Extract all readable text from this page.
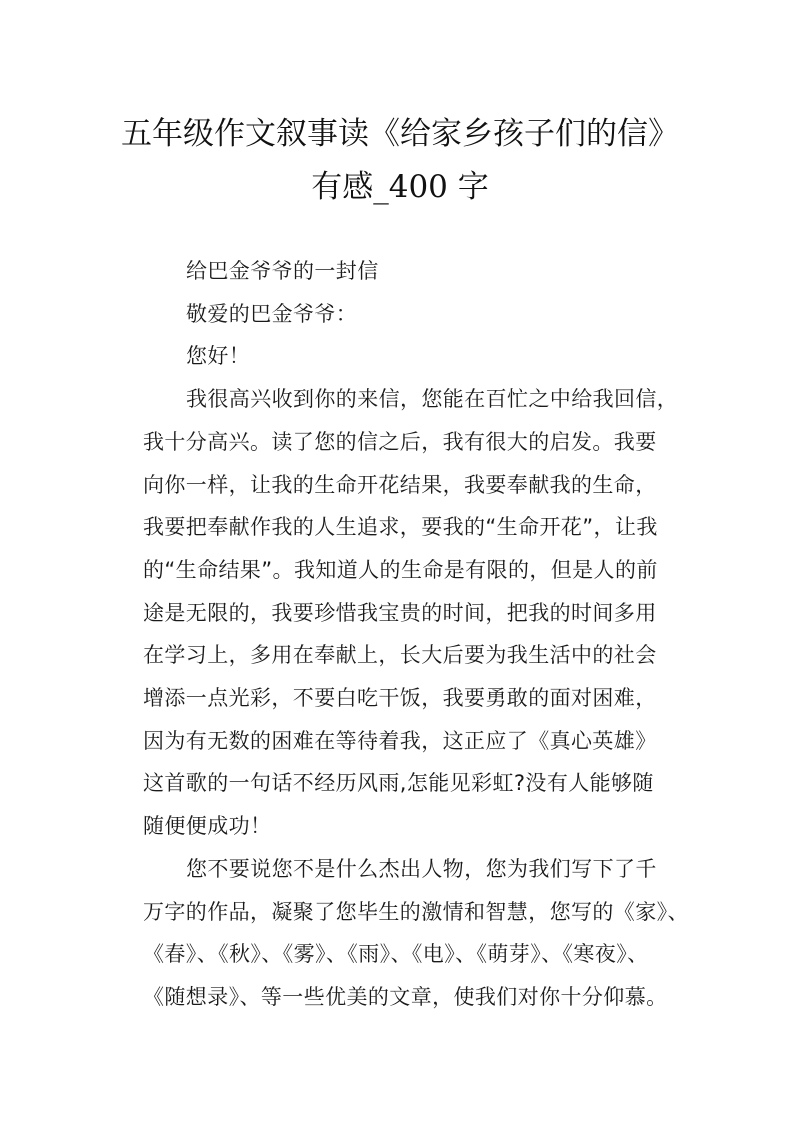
五年级作文叙事读《给家乡孩子们的信》
有感_400 字
给巴金爷爷的一封信
敬爱的巴金爷爷：
您好！
我很高兴收到你的来信，您能在百忙之中给我回信，
我十分高兴。读了您的信之后，我有很大的启发。我要
向你一样，让我的生命开花结果，我要奉献我的生命，
我要把奉献作我的人生追求，要我的“生命开花”，让我
的“生命结果”。我知道人的生命是有限的，但是人的前
途是无限的，我要珍惜我宝贵的时间，把我的时间多用
在学习上，多用在奉献上，长大后要为我生活中的社会
增添一点光彩，不要白吃干饭，我要勇敢的面对困难，
因为有无数的困难在等待着我，这正应了《真心英雄》
这首歌的一句话不经历风雨,怎能见彩虹?没有人能够随
随便便成功！
您不要说您不是什么杰出人物，您为我们写下了千
万字的作品，凝聚了您毕生的激情和智慧，您写的《家》、
《春》、《秋》、《雾》、《雨》、《电》、《萌芽》、《寒夜》、
《随想录》、等一些优美的文章，使我们对你十分仰慕。
